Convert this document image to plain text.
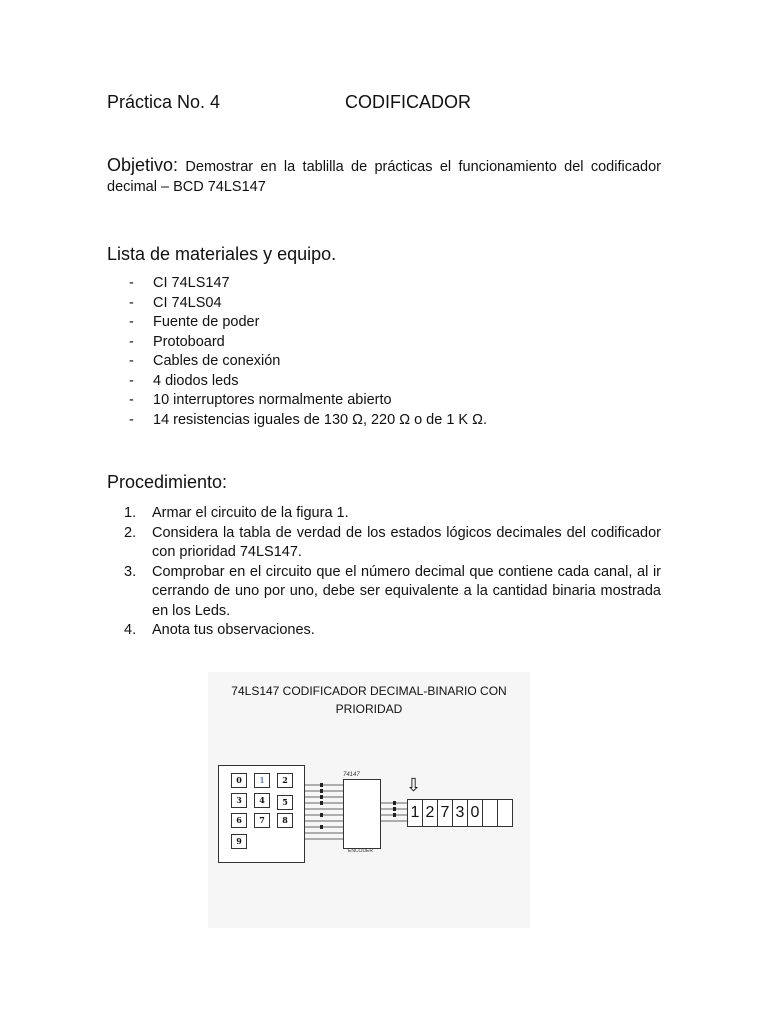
Práctica No. 4	CODIFICADOR
Objetivo: Demostrar en la tablilla de prácticas el funcionamiento del codificador
decimal – BCD 74LS147
Lista de materiales y equipo.
- CI 74LS147
- CI 74LS04
- Fuente de poder
- Protoboard
- Cables de conexión
- 4 diodos leds
- 10 interruptores normalmente abierto
- 14 resistencias iguales de 130 Ω, 220 Ω o de 1 K Ω.
Procedimiento:
1. Armar el circuito de la figura 1.
2. Considera la tabla de verdad de los estados lógicos decimales del codificador con prioridad 74LS147.
3. Comprobar en el circuito que el número decimal que contiene cada canal, al ir cerrando de uno por uno, debe ser equivalente a la cantidad binaria mostrada en los Leds.
4. Anota tus observaciones.
74LS147 CODIFICADOR DECIMAL-BINARIO CON
PRIORIDAD
0	1	2
3	4	5
6	7	8
9
74147
ENCODER
⇩
1 2 7 3 0
